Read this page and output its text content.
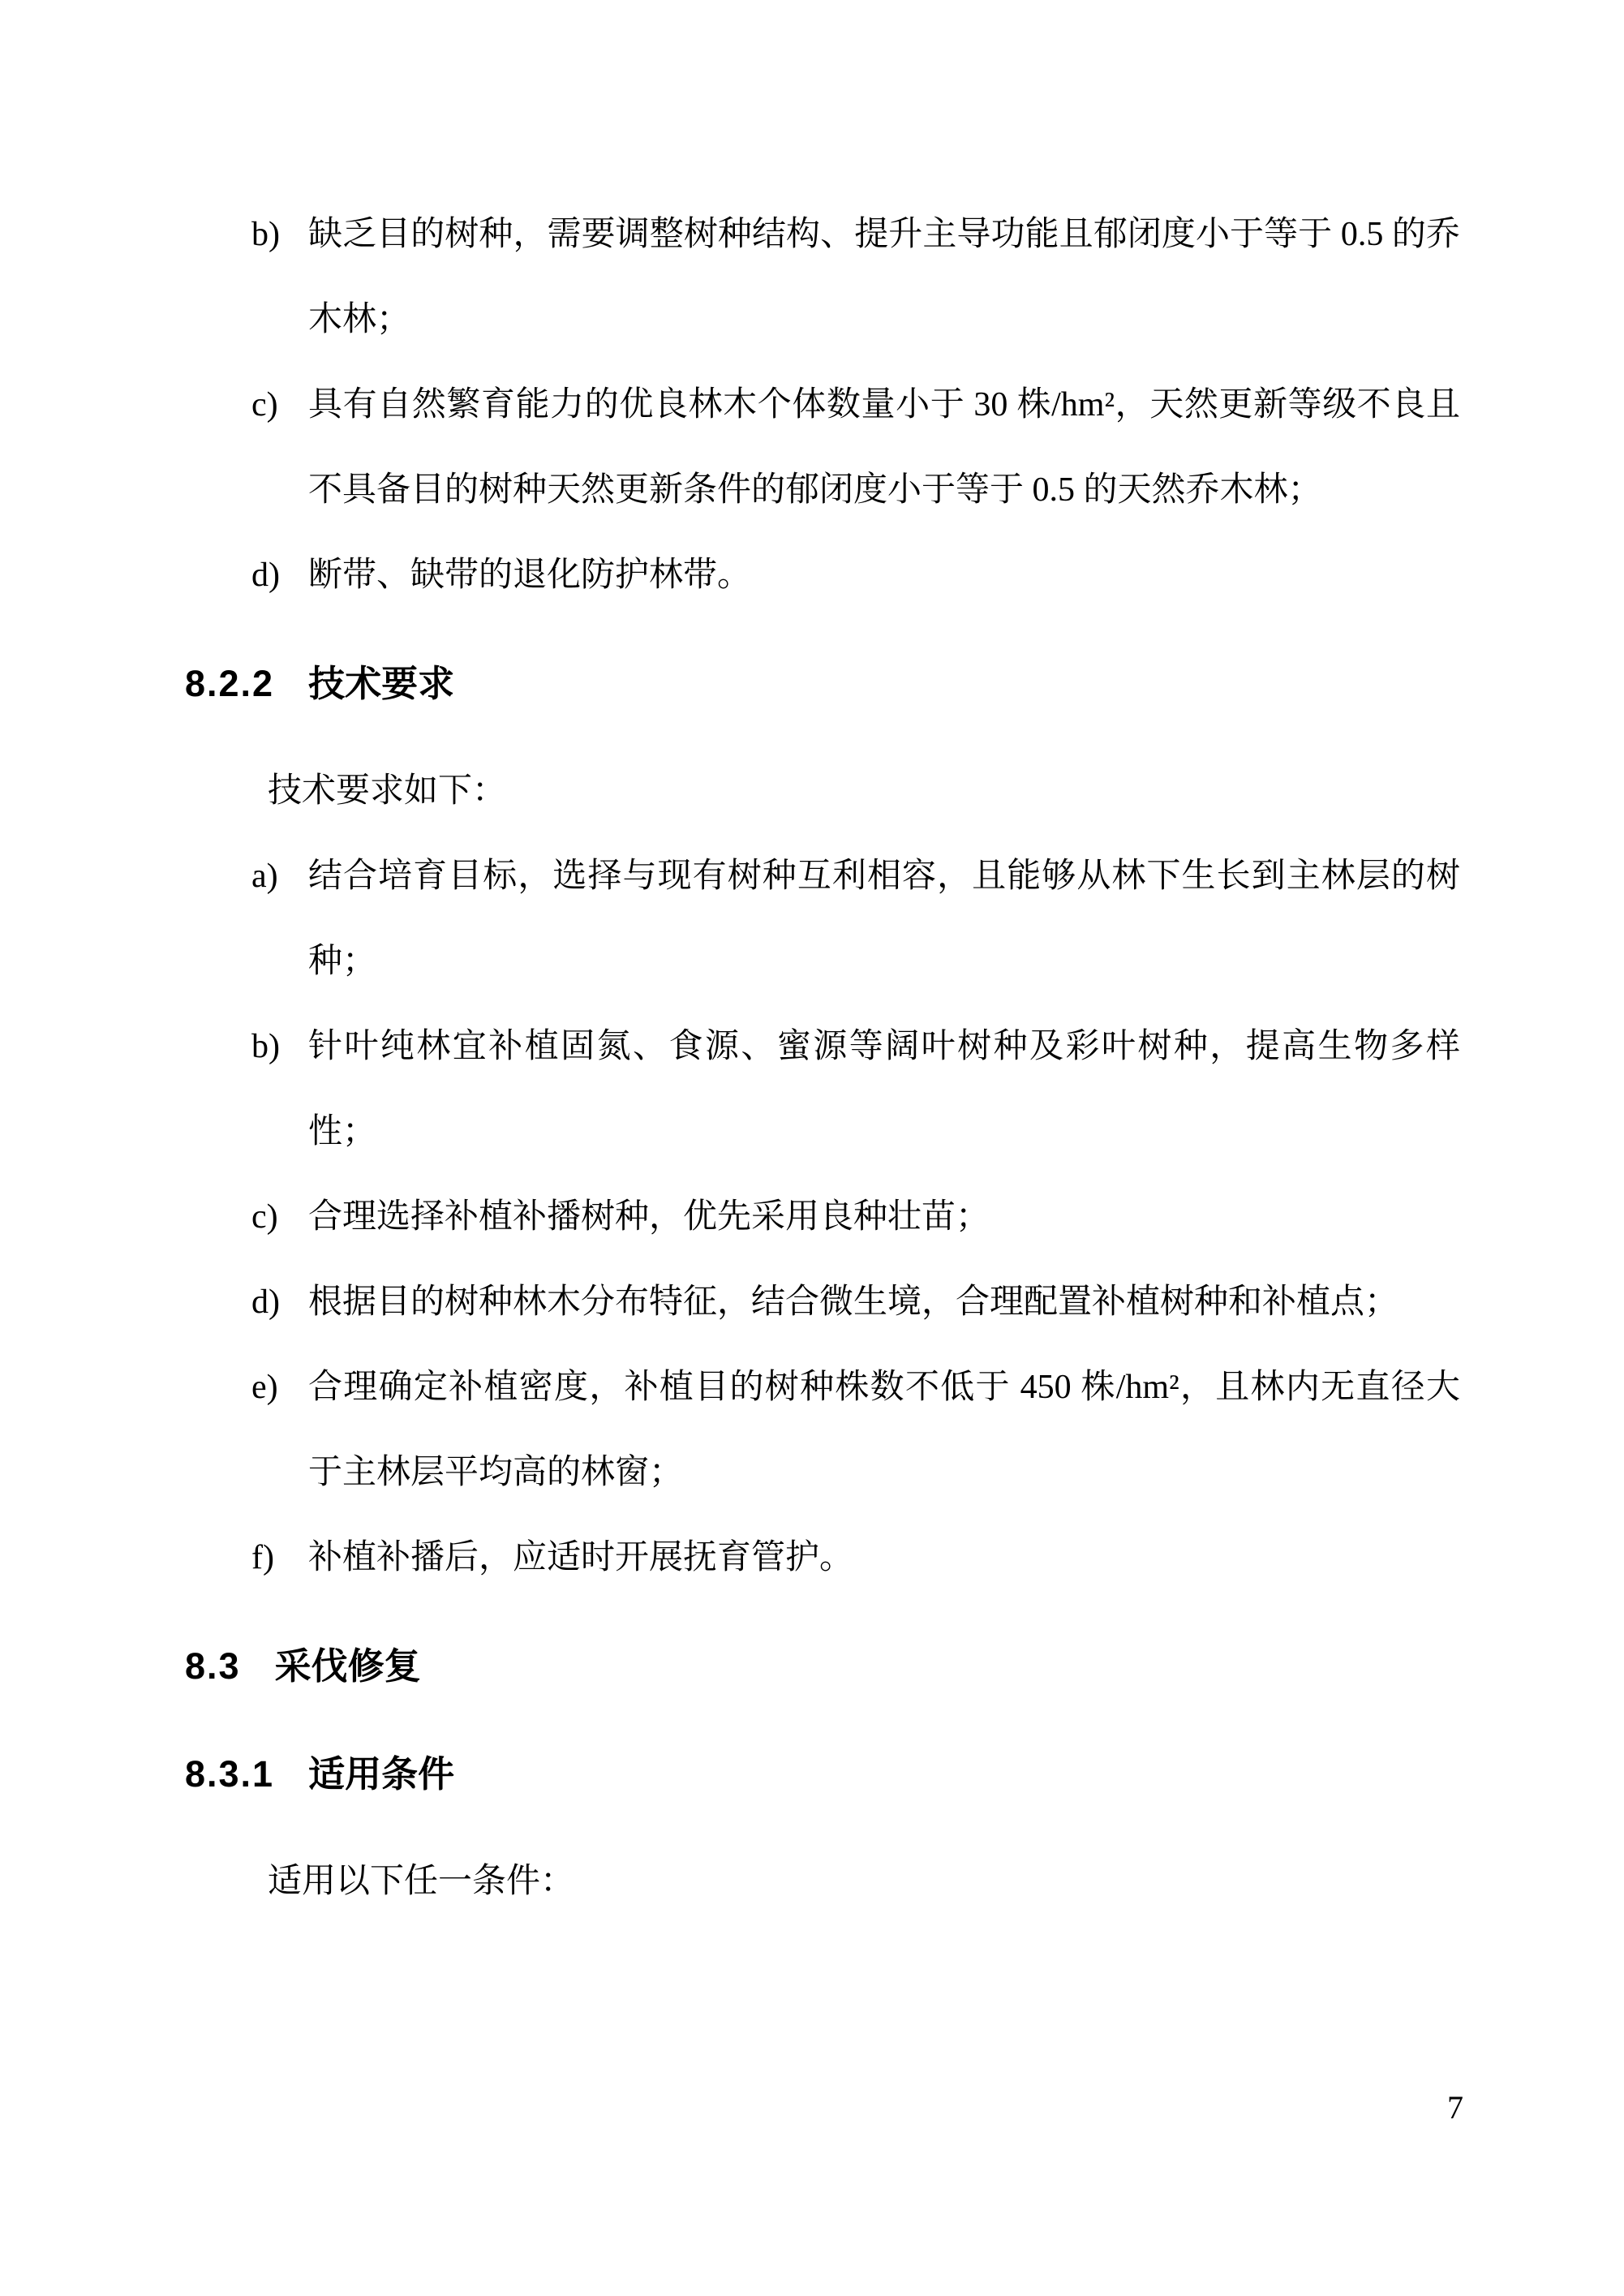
b) 缺乏目的树种，需要调整树种结构、提升主导功能且郁闭度小于等于 0.5 的乔木林；
c) 具有自然繁育能力的优良林木个体数量小于 30 株/hm²，天然更新等级不良且不具备目的树种天然更新条件的郁闭度小于等于 0.5 的天然乔木林；
d) 断带、缺带的退化防护林带。
8.2.2 技术要求

技术要求如下：

a) 结合培育目标，选择与现有树种互利相容，且能够从林下生长到主林层的树种；
b) 针叶纯林宜补植固氮、食源、蜜源等阔叶树种及彩叶树种，提高生物多样性；
c) 合理选择补植补播树种，优先采用良种壮苗；
d) 根据目的树种林木分布特征，结合微生境，合理配置补植树种和补植点；
e) 合理确定补植密度，补植目的树种株数不低于 450 株/hm²，且林内无直径大于主林层平均高的林窗；
f) 补植补播后，应适时开展抚育管护。
8.3 采伐修复
8.3.1 适用条件

适用以下任一条件：

7
